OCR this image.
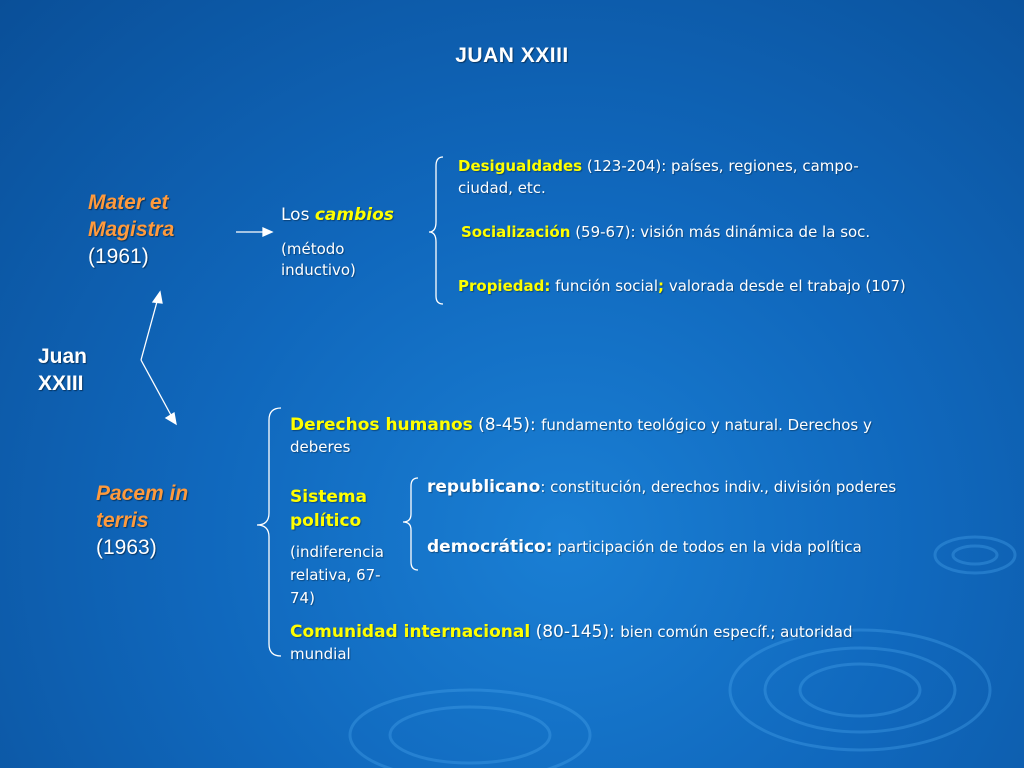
JUAN XXIII
Juan
XXIII
Mater et
Magistra
(1961)
Los cambios
(método
inductivo)
Desigualdades (123-204): países, regiones, campo-
ciudad, etc.
Socialización (59-67): visión más dinámica de la soc.
Propiedad: función social; valorada desde el trabajo (107)
Pacem in
terris
(1963)
Derechos humanos (8-45): fundamento teológico y natural. Derechos y
deberes
Sistema
político
(indiferencia
relativa, 67-
74)
republicano: constitución, derechos indiv., división poderes
democrático: participación de todos en la vida política
Comunidad internacional (80-145): bien común específ.; autoridad
mundial
